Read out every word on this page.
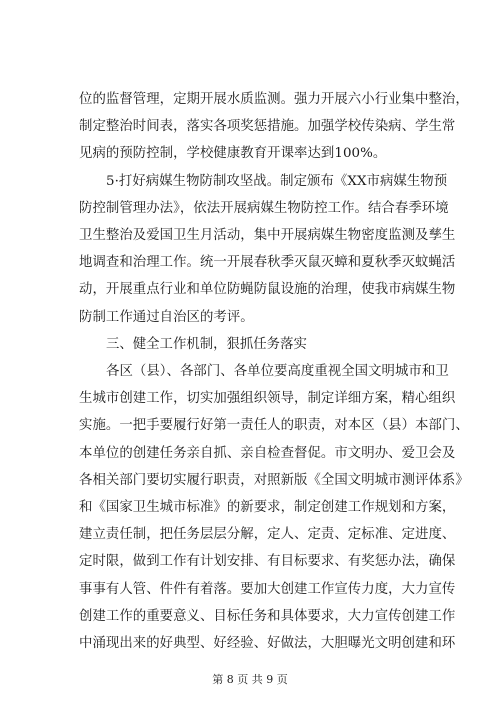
位的监督管理，定期开展水质监测。强力开展六小行业集中整治，

制定整治时间表，落实各项奖惩措施。加强学校传染病、学生常

见病的预防控制，学校健康教育开课率达到100%。

5·打好病媒生物防制攻坚战。制定颁布《XX市病媒生物预

防控制管理办法》，依法开展病媒生物防控工作。结合春季环境

卫生整治及爱国卫生月活动，集中开展病媒生物密度监测及孳生

地调查和治理工作。统一开展春秋季灭鼠灭蟑和夏秋季灭蚊蝇活

动，开展重点行业和单位防蝇防鼠设施的治理，使我市病媒生物

防制工作通过自治区的考评。

三、健全工作机制，狠抓任务落实

各区（县）、各部门、各单位要高度重视全国文明城市和卫

生城市创建工作，切实加强组织领导，制定详细方案，精心组织

实施。一把手要履行好第一责任人的职责，对本区（县）本部门、

本单位的创建任务亲自抓、亲自检查督促。市文明办、爱卫会及

各相关部门要切实履行职责，对照新版《全国文明城市测评体系》

和《国家卫生城市标准》的新要求，制定创建工作规划和方案，

建立责任制，把任务层层分解，定人、定责、定标准、定进度、

定时限，做到工作有计划安排、有目标要求、有奖惩办法，确保

事事有人管、件件有着落。要加大创建工作宣传力度，大力宣传

创建工作的重要意义、目标任务和具体要求，大力宣传创建工作

中涌现出来的好典型、好经验、好做法，大胆曝光文明创建和环

第 8 页 共 9 页
